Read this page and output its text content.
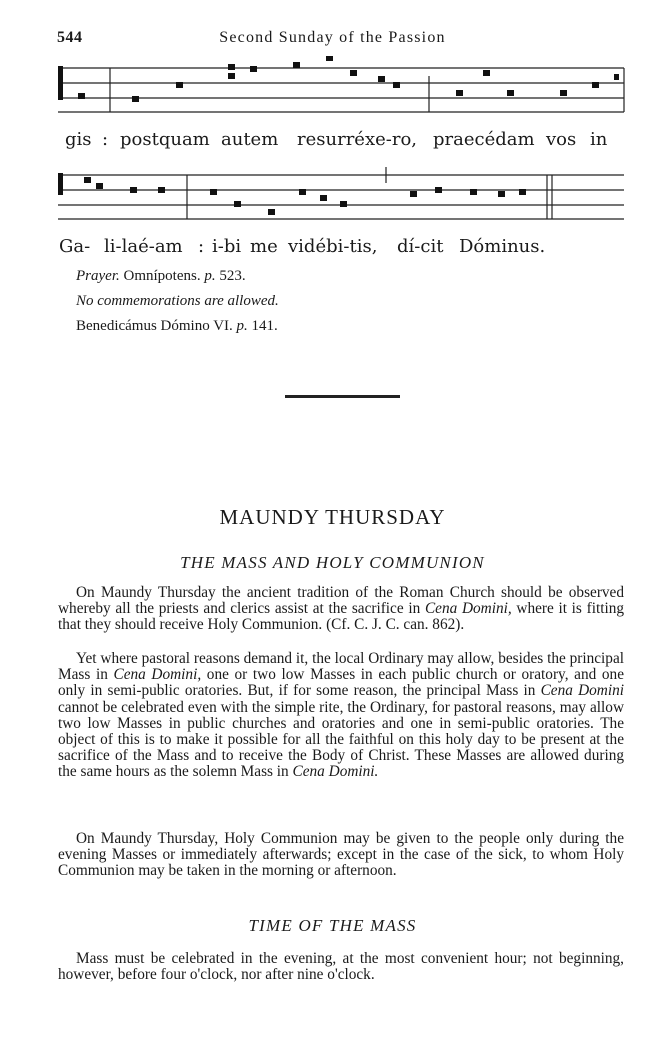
544	Second Sunday of the Passion
gis : postquam autem resurréxe-ro, praecédam vos in
Ga- li-laé-am : i-bi me vidébi-tis, dí-cit Dóminus.
Prayer. Omnípotens. p. 523.
No commemorations are allowed.
Benedicámus Dómino VI. p. 141.
MAUNDY THURSDAY
THE MASS AND HOLY COMMUNION

On Maundy Thursday the ancient tradition of the Roman Church should be observed whereby all the priests and clerics assist at the sacrifice in Cena Domini, where it is fitting that they should receive Holy Communion. (Cf. C. J. C. can. 862).

Yet where pastoral reasons demand it, the local Ordinary may allow, besides the principal Mass in Cena Domini, one or two low Masses in each public church or oratory, and one only in semi-public oratories. But, if for some reason, the principal Mass in Cena Domini cannot be celebrated even with the simple rite, the Ordinary, for pastoral reasons, may allow two low Masses in public churches and oratories and one in semi-public oratories. The object of this is to make it possible for all the faithful on this holy day to be present at the sacrifice of the Mass and to receive the Body of Christ. These Masses are allowed during the same hours as the solemn Mass in Cena Domini.

On Maundy Thursday, Holy Communion may be given to the people only during the evening Masses or immediately afterwards; except in the case of the sick, to whom Holy Communion may be taken in the morning or afternoon.

TIME OF THE MASS

Mass must be celebrated in the evening, at the most convenient hour; not beginning, however, before four o'clock, nor after nine o'clock.
